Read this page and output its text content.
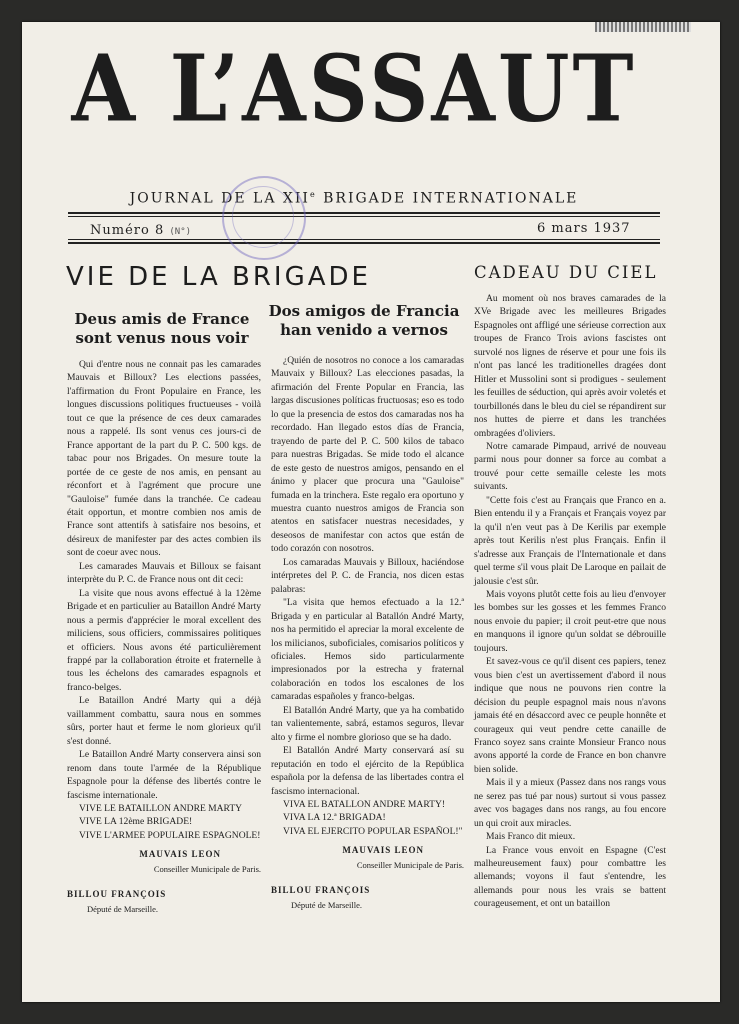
A L’ASSAUT
JOURNAL DE LA XIIe BRIGADE INTERNATIONALE
Numéro 8 (N°)	6 mars 1937
VIE DE LA BRIGADE	CADEAU DU CIEL
Deus amis de France sont venus nous voir
Dos amigos de Francia han venido a vernos

Qui d'entre nous ne connait pas les camarades Mauvais et Billoux? Les elections passées, l'affirmation du Front Populaire en France, les longues discussions politiques fructueuses - voilà tout ce que la présence de ces deux camarades nous a rappelé. Ils sont venus ces jours-ci de France apportant de la part du P. C. 500 kgs. de tabac pour nos Brigades. On mesure toute la portée de ce geste de nos amis, en pensant au réconfort et à l'agrément que procure une "Gauloise" fumée dans la tranchée. Ce cadeau était opportun, et montre combien nos amis de France sont attentifs à satisfaire nos besoins, et désireux de manifester par des actes combien ils sont de coeur avec nous.

Les camarades Mauvais et Billoux se faisant interprète du P. C. de France nous ont dit ceci:

La visite que nous avons effectué à la 12ème Brigade et en particulier au Bataillon André Marty nous a permis d'apprécier le moral excellent des miliciens, sous officiers, commissaires politiques et officiers. Nous avons été particulièrement frappé par la collaboration étroite et fraternelle à tous les échelons des camarades espagnols et franco-belges.

Le Bataillon André Marty qui a déjà vaillamment combattu, saura nous en sommes sûrs, porter haut et ferme le nom glorieux qu'il s'est donné.

Le Bataillon André Marty conservera ainsi son renom dans toute l'armée de la République Espagnole pour la défense des libertés contre le fascisme internationale.

VIVE LE BATAILLON ANDRE MARTY

VIVE LA 12ème BRIGADE!

VIVE L'ARMEE POPULAIRE ESPAGNOLE!

MAUVAIS LEON

Conseiller Municipale de Paris.

BILLOU FRANÇOIS

Député de Marseille.

¿Quién de nosotros no conoce a los camaradas Mauvaix y Billoux? Las elecciones pasadas, la afirmación del Frente Popular en Francia, las largas discusiones políticas fructuosas; eso es todo lo que la presencia de estos dos camaradas nos ha recordado. Han llegado estos días de Francia, trayendo de parte del P. C. 500 kilos de tabaco para nuestras Brigadas. Se mide todo el alcance de este gesto de nuestros amigos, pensando en el ánimo y placer que procura una "Gauloise" fumada en la trinchera. Este regalo era oportuno y muestra cuanto nuestros amigos de Francia son atentos en satisfacer nuestras necesidades, y deseosos de manifestar con actos que están de todo corazón con nosotros.

Los camaradas Mauvais y Billoux, haciéndose intérpretes del P. C. de Francia, nos dicen estas palabras:

"La visita que hemos efectuado a la 12.ª Brigada y en particular al Batallón André Marty, nos ha permitido el apreciar la moral excelente de los milicianos, suboficiales, comisarios políticos y oficiales. Hemos sido particularmente impresionados por la estrecha y fraternal colaboración en todos los escalones de los camaradas españoles y franco-belgas.

El Batallón André Marty, que ya ha combatido tan valientemente, sabrá, estamos seguros, llevar alto y firme el nombre glorioso que se ha dado.

El Batallón André Marty conservará así su reputación en todo el ejército de la República española por la defensa de las libertades contra el fascismo internacional.

VIVA EL BATALLON ANDRE MARTY!

VIVA LA 12.ª BRIGADA!

VIVA EL EJERCITO POPULAR ESPAÑOL!"

MAUVAIS LEON

Conseiller Municipale de Paris.

BILLOU FRANÇOIS

Député de Marseille.

Au moment où nos braves camarades de la XVe Brigade avec les meilleures Brigades Espagnoles ont affligé une sérieuse correction aux troupes de Franco Trois avions fascistes ont survolé nos lignes de réserve et pour une fois ils n'ont pas lancé les traditionelles dragées dont Hitler et Mussolini sont si prodigues - seulement les feuilles de séduction, qui après avoir voletés et tourbillonés dans le bleu du ciel se répandirent sur nos huttes de pierre et dans les tranchées ombragées d'oliviers.

Notre camarade Pimpaud, arrivé de nouveau parmi nous pour donner sa force au combat a trouvé pour cette semaille celeste les mots suivants.

"Cette fois c'est au Français que Franco en a. Bien entendu il y a Français et Français voyez par la qu'il n'en veut pas à De Kerilis par exemple après tout Kerilis n'est plus Français. Enfin il s'adresse aux Français de l'Internationale et dans quel terme s'il vous plait De Laroque en pailait de jalousie c'est sûr.

Mais voyons plutôt cette fois au lieu d'envoyer les bombes sur les gosses et les femmes Franco nous envoie du papier; il croit peut-etre que nous en manquons il ignore qu'un soldat se débrouille toujours.

Et savez-vous ce qu'il disent ces papiers, tenez vous bien c'est un avertissement d'abord il nous indique que nous ne pouvons rien contre la décision du peuple espagnol mais nous n'avons jamais été en désaccord avec ce peuple honnête et courageux qui veut pendre cette canaille de Franco soyez sans crainte Monsieur Franco nous avons apporté la corde de France en bon chanvre bien solide.

Mais il y a mieux (Passez dans nos rangs vous ne serez pas tué par nous) surtout si vous passez avec vos bagages dans nos rangs, au fou encore un qui croit aux miracles.

Mais Franco dit mieux.

La France vous envoit en Espagne (C'est malheureusement faux) pour combattre les allemands; voyons il faut s'entendre, les allemands pour nous les vrais se battent courageusement, et ont un bataillon
